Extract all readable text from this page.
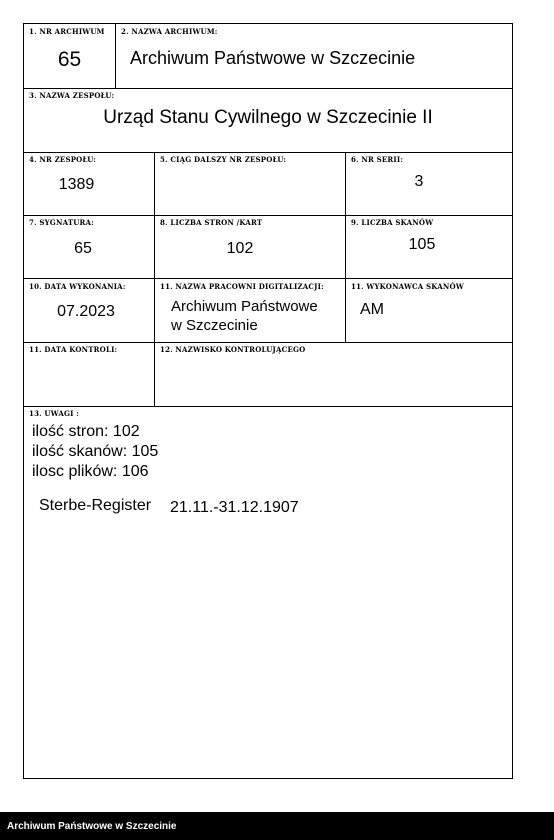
1. NR ARCHIWUM
65
2. NAZWA ARCHIWUM:
Archiwum Państwowe w Szczecinie
3. NAZWA ZESPOŁU:
Urząd Stanu Cywilnego w Szczecinie II
4. NR ZESPOŁU:
1389
5. CIĄG DALSZY NR ZESPOŁU:	6. NR SERII:
3
7. SYGNATURA:
65
8. LICZBA STRON /KART
102
9. LICZBA SKANÓW
105
10. DATA WYKONANIA:
07.2023
11. NAZWA PRACOWNI DIGITALIZACJI:
Archiwum Państwowe
w Szczecinie
11. WYKONAWCA SKANÓW
AM
11. DATA KONTROLI:	12. NAZWISKO KONTROLUJĄCEGO
13. UWAGI :
ilość stron: 102
ilość skanów: 105
ilosc plików: 106
Sterbe-Register 21.11.-31.12.1907
Archiwum Państwowe w Szczecinie
